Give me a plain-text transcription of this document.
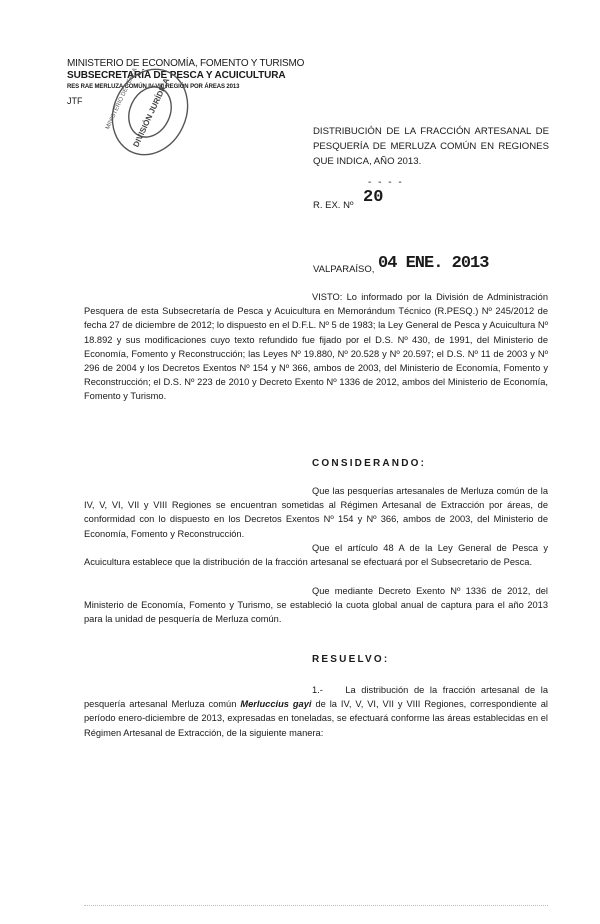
MINISTERIO DE ECONOMÍA, FOMENTO Y TURISMO
SUBSECRETARÍA DE PESCA Y ACUICULTURA
RES RAE MERLUZA COMÚN IV-VIII REGIÓN POR ÁREAS 2013
JTF	DIVISIÓN JURÍDICA
MINISTERIO DE PESCA
DISTRIBUCIÓN DE LA FRACCIÓN ARTESANAL DE PESQUERÍA DE MERLUZA COMÚN EN REGIONES QUE INDICA, AÑO 2013.
- - - -
R. EX. Nº 20
VALPARAÍSO, 04 ENE. 2013
VISTO: Lo informado por la División de Administración Pesquera de esta Subsecretaría de Pesca y Acuicultura en Memorándum Técnico (R.PESQ.) Nº 245/2012 de fecha 27 de diciembre de 2012; lo dispuesto en el D.F.L. Nº 5 de 1983; la Ley General de Pesca y Acuicultura Nº 18.892 y sus modificaciones cuyo texto refundido fue fijado por el D.S. Nº 430, de 1991, del Ministerio de Economía, Fomento y Reconstrucción; las Leyes Nº 19.880, Nº 20.528 y Nº 20.597; el D.S. Nº 11 de 2003 y Nº 296 de 2004 y los Decretos Exentos Nº 154 y Nº 366, ambos de 2003, del Ministerio de Economía, Fomento y Reconstrucción; el D.S. Nº 223 de 2010 y Decreto Exento Nº 1336 de 2012, ambos del Ministerio de Economía, Fomento y Turismo.
CONSIDERANDO:
Que las pesquerías artesanales de Merluza común de la IV, V, VI, VII y VIII Regiones se encuentran sometidas al Régimen Artesanal de Extracción por áreas, de conformidad con lo dispuesto en los Decretos Exentos Nº 154 y Nº 366, ambos de 2003, del Ministerio de Economía, Fomento y Reconstrucción.
Que el artículo 48 A de la Ley General de Pesca y Acuicultura establece que la distribución de la fracción artesanal se efectuará por el Subsecretario de Pesca.
Que mediante Decreto Exento Nº 1336 de 2012, del Ministerio de Economía, Fomento y Turismo, se estableció la cuota global anual de captura para el año 2013 para la unidad de pesquería de Merluza común.
RESUELVO:
1.- La distribución de la fracción artesanal de la pesquería artesanal Merluza común Merluccius gayi de la IV, V, VI, VII y VIII Regiones, correspondiente al período enero-diciembre de 2013, expresadas en toneladas, se efectuará conforme las áreas establecidas en el Régimen Artesanal de Extracción, de la siguiente manera:
